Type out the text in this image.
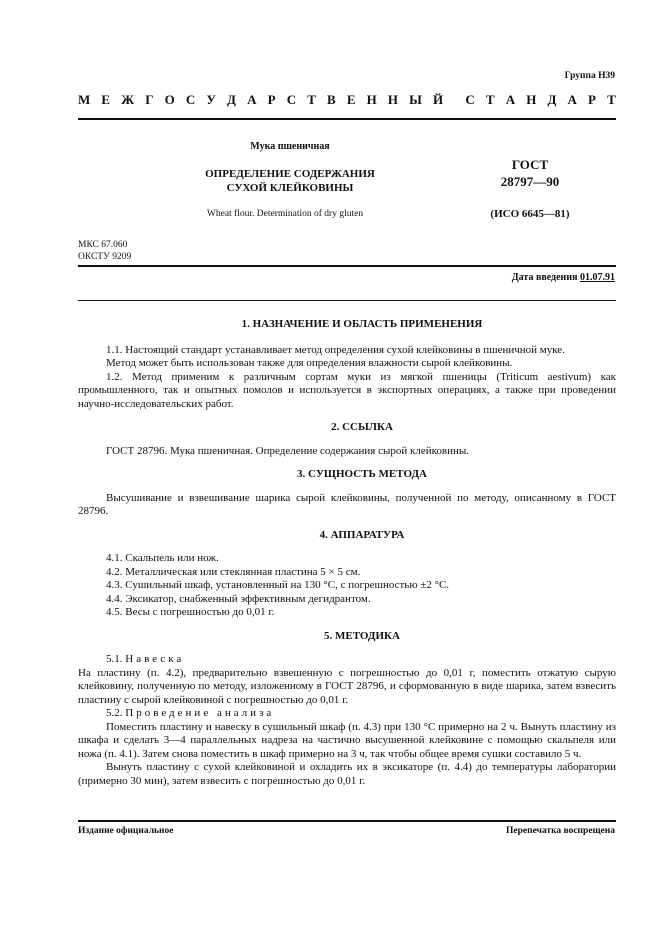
Группа Н39
М Е Ж Г О С У Д А Р С Т В Е Н Н Ы Й С Т А Н Д А Р Т
Мука пшеничная
ОПРЕДЕЛЕНИЕ СОДЕРЖАНИЯ
СУХОЙ КЛЕЙКОВИНЫ
Wheat flour. Determination of dry gluten
ГОСТ
28797—90
(ИСО 6645—81)
МКС 67.060
ОКСТУ 9209
Дата введения 01.07.91
1. НАЗНАЧЕНИЕ И ОБЛАСТЬ ПРИМЕНЕНИЯ

1.1. Настоящий стандарт устанавливает метод определения сухой клейковины в пшеничной муке.

Метод может быть использован также для определения влажности сырой клейковины.

1.2. Метод применим к различным сортам муки из мягкой пшеницы (Triticum aestivum) как промышленного, так и опытных помолов и используется в экспортных операциях, а также при проведении научно-исследовательских работ.

2. ССЫЛКА

ГОСТ 28796. Мука пшеничная. Определение содержания сырой клейковины.

3. СУЩНОСТЬ МЕТОДА

Высушивание и взвешивание шарика сырой клейковины, полученной по методу, описанному в ГОСТ 28796.

4. АППАРАТУРА

4.1. Скальпель или нож.

4.2. Металлическая или стеклянная пластина 5 × 5 см.

4.3. Сушильный шкаф, установленный на 130 °С, с погрешностью ±2 °С.

4.4. Эксикатор, снабженный эффективным дегидрантом.

4.5. Весы с погрешностью до 0,01 г.

5. МЕТОДИКА

5.1. Навеска

На пластину (п. 4.2), предварительно взвешенную с погрешностью до 0,01 г, поместить отжатую сырую клейковину, полученную по методу, изложенному в ГОСТ 28796, и сформованную в виде шарика, затем взвесить пластину с сырой клейковиной с погрешностью до 0,01 г.

5.2. Проведение анализа

Поместить пластину и навеску в сушильный шкаф (п. 4.3) при 130 °С примерно на 2 ч. Вынуть пластину из шкафа и сделать 3—4 параллельных надреза на частично высушенной клейковине с помощью скальпеля или ножа (п. 4.1). Затем снова поместить в шкаф примерно на 3 ч, так чтобы общее время сушки составило 5 ч.

Вынуть пластину с сухой клейковиной и охладить их в эксикаторе (п. 4.4) до температуры лаборатории (примерно 30 мин), затем взвесить с погрешностью до 0,01 г.

Издание официальное	Перепечатка воспрещена
